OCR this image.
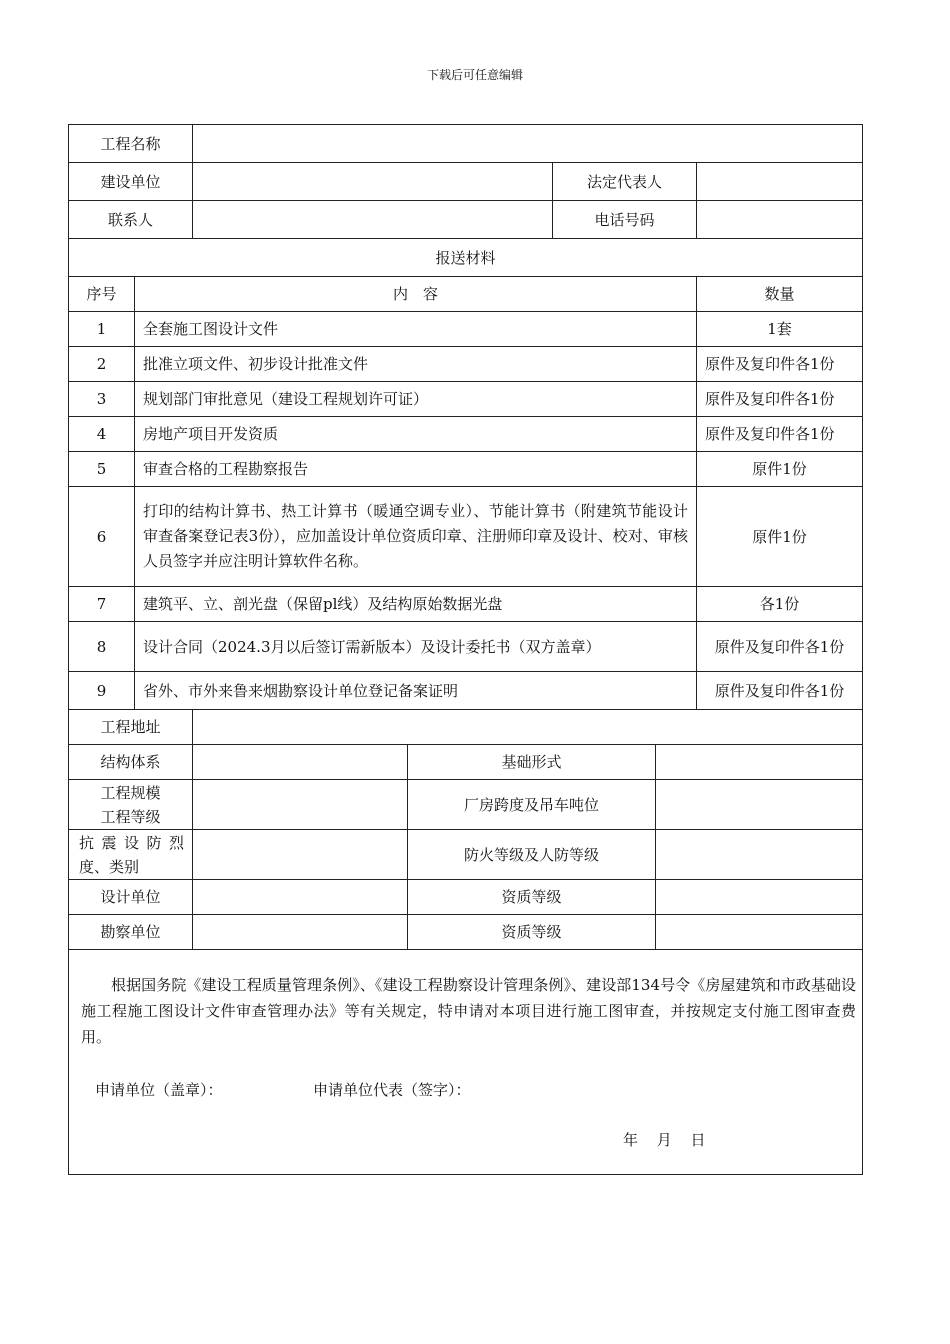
下载后可任意编辑
工程名称						
建设单位				法定代表人		
联系人				电话号码		
报送材料						
序号	内　容					数量
1	全套施工图设计文件					1套
2	批准立项文件、初步设计批准文件					原件及复印件各1份
3	规划部门审批意见（建设工程规划许可证）					原件及复印件各1份
4	房地产项目开发资质					原件及复印件各1份
5	审查合格的工程勘察报告					原件1份
6	打印的结构计算书、热工计算书（暖通空调专业）、节能计算书（附建筑节能设计审查备案登记表3份），应加盖设计单位资质印章、注册师印章及设计、校对、审核人员签字并应注明计算软件名称。					原件1份
7	建筑平、立、剖光盘（保留pl线）及结构原始数据光盘					各1份
8	设计合同（2024.3月以后签订需新版本）及设计委托书（双方盖章）					原件及复印件各1份
9	省外、市外来鲁来烟勘察设计单位登记备案证明					原件及复印件各1份
工程地址						
结构体系			基础形式			

工程规模
工程等级			厂房跨度及吊车吨位			

抗震设防烈
度、类别			防火等级及人防等级			
设计单位			资质等级			
勘察单位			资质等级			

根据国务院《建设工程质量管理条例》、《建设工程勘察设计管理条例》、建设部134号令《房屋建筑和市政基础设施工程施工图设计文件审查管理办法》等有关规定，特申请对本项目进行施工图审查，并按规定支付施工图审查费用。
申请单位（盖章）： 申请单位代表（签字）：
年 月 日						
